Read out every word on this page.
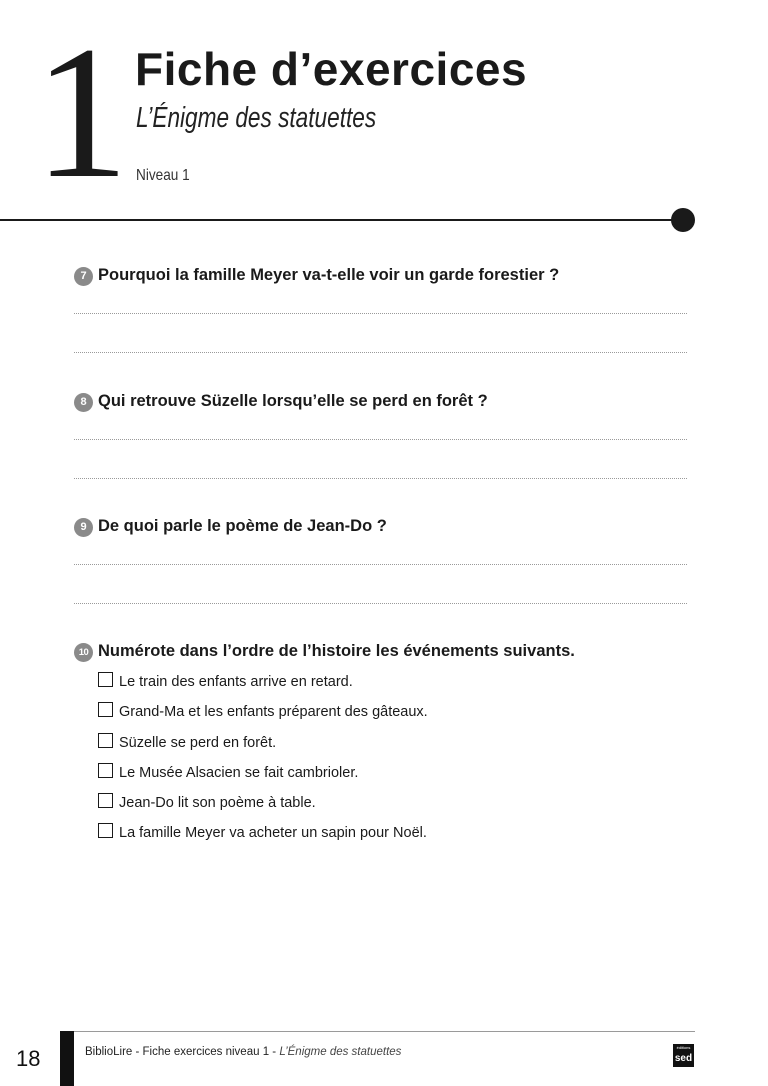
1 Fiche d’exercices
L’Énigme des statuettes
Niveau 1
7 Pourquoi la famille Meyer va-t-elle voir un garde forestier ?
8 Qui retrouve Süzelle lorsqu’elle se perd en forêt ?
9 De quoi parle le poème de Jean-Do ?
10 Numérote dans l’ordre de l’histoire les événements suivants.
Le train des enfants arrive en retard.
Grand-Ma et les enfants préparent des gâteaux.
Süzelle se perd en forêt.
Le Musée Alsacien se fait cambrioler.
Jean-Do lit son poème à table.
La famille Meyer va acheter un sapin pour Noël.
18	BiblioLire - Fiche exercices niveau 1 - L’Énigme des statuettes	éditions
sed
